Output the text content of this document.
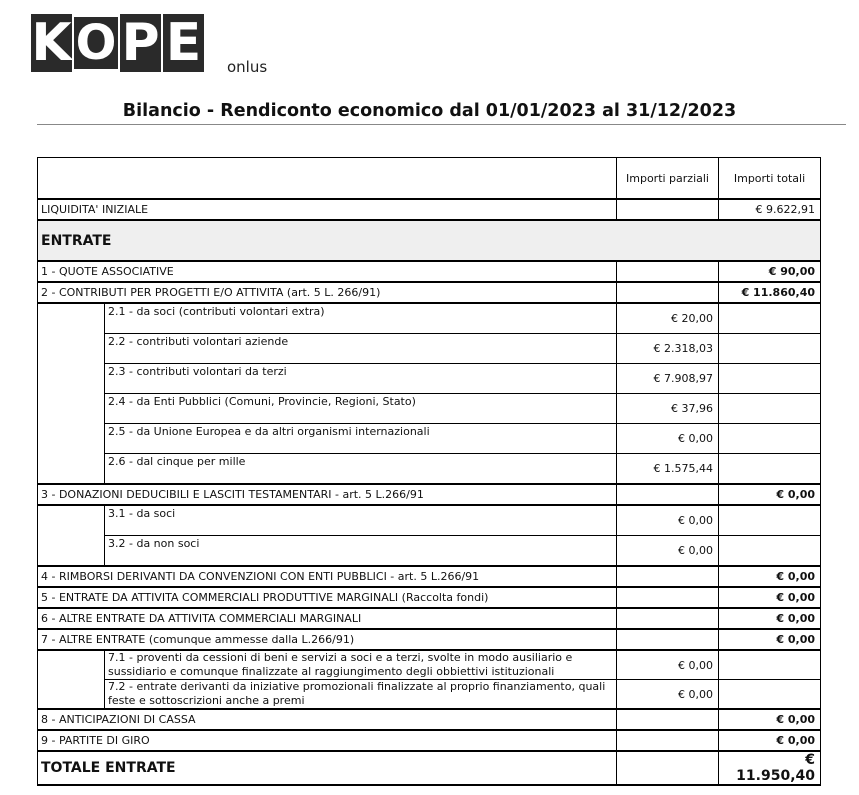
K O P E onlus
Bilancio - Rendiconto economico dal 01/01/2023 al 31/12/2023
		Importi parziali	Importi totali
LIQUIDITA' INIZIALE			€ 9.622,91
ENTRATE			
1 - QUOTE ASSOCIATIVE			€ 90,00
2 - CONTRIBUTI PER PROGETTI E/O ATTIVITA (art. 5 L. 266/91)			€ 11.860,40
	2.1 - da soci (contributi volontari extra)	€ 20,00	
	2.2 - contributi volontari aziende	€ 2.318,03	
	2.3 - contributi volontari da terzi	€ 7.908,97	
	2.4 - da Enti Pubblici (Comuni, Provincie, Regioni, Stato)	€ 37,96	
	2.5 - da Unione Europea e da altri organismi internazionali	€ 0,00	
	2.6 - dal cinque per mille	€ 1.575,44	
3 - DONAZIONI DEDUCIBILI E LASCITI TESTAMENTARI - art. 5 L.266/91			€ 0,00
	3.1 - da soci	€ 0,00	
	3.2 - da non soci	€ 0,00	
4 - RIMBORSI DERIVANTI DA CONVENZIONI CON ENTI PUBBLICI - art. 5 L.266/91			€ 0,00
5 - ENTRATE DA ATTIVITA COMMERCIALI PRODUTTIVE MARGINALI (Raccolta fondi)			€ 0,00
6 - ALTRE ENTRATE DA ATTIVITA COMMERCIALI MARGINALI			€ 0,00
7 - ALTRE ENTRATE (comunque ammesse dalla L.266/91)			€ 0,00
	7.1 - proventi da cessioni di beni e servizi a soci e a terzi, svolte in modo ausiliario e sussidiario e comunque finalizzate al raggiungimento degli obbiettivi istituzionali	€ 0,00	
	7.2 - entrate derivanti da iniziative promozionali finalizzate al proprio finanziamento, quali feste e sottoscrizioni anche a premi	€ 0,00	
8 - ANTICIPAZIONI DI CASSA			€ 0,00
9 - PARTITE DI GIRO			€ 0,00
TOTALE ENTRATE			€ 11.950,40
